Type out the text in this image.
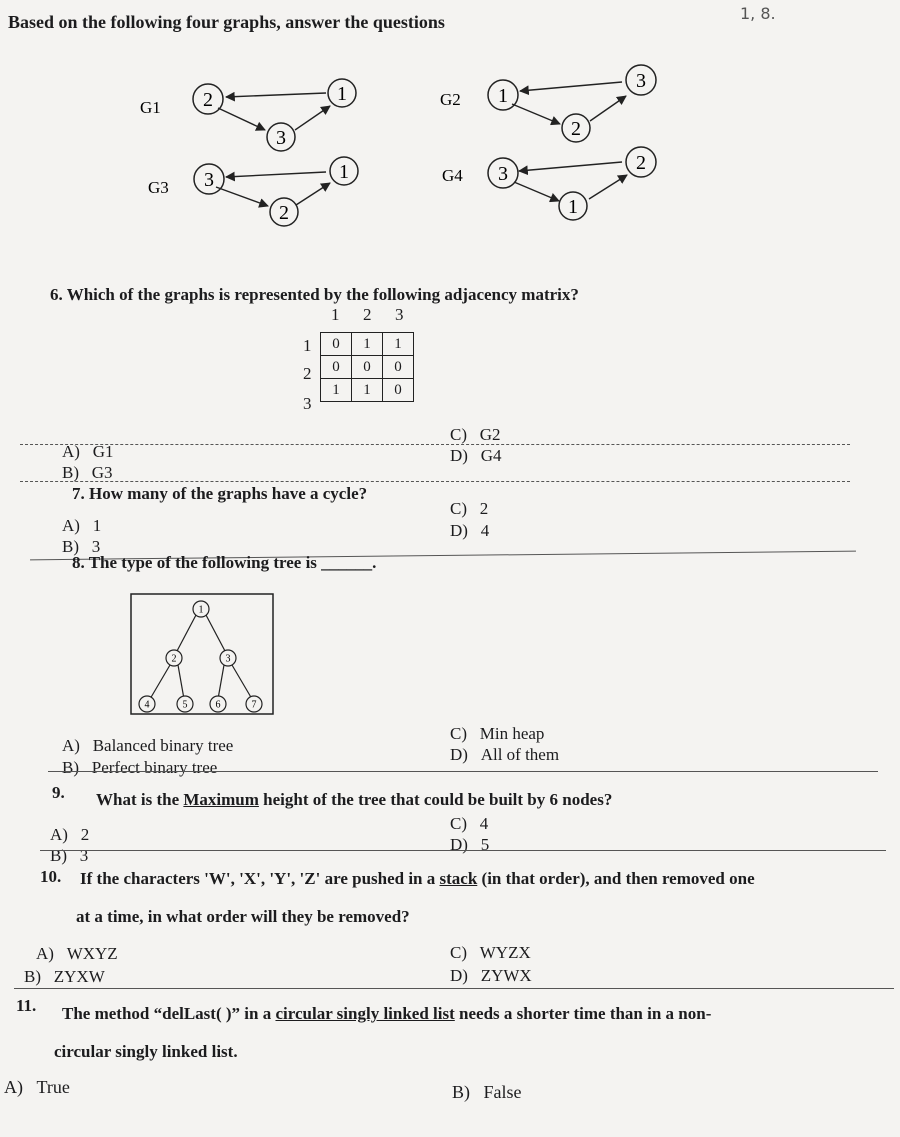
Based on the following four graphs, answer the questions	1, 8.
G1 2
3
1
G3 3
2
1
G2 1
2
3
G4 3
1
2
6. Which of the graphs is represented by the following adjacency matrix?
1 2 3
1
2
3
0	1	1
0	0	0
1	1	0
A) G1
B) G3
C) G2
D) G4
7. How many of the graphs have a cycle?
A) 1
B) 3
C) 2
D) 4
8. The type of the following tree is ______.
1
2	3
4	5	6	7
A) Balanced binary tree
B) Perfect binary tree
C) Min heap
D) All of them
9. What is the Maximum height of the tree that could be built by 6 nodes?
A) 2
B) 3
C) 4
D) 5
10. If the characters 'W', 'X', 'Y', 'Z' are pushed in a stack (in that order), and then removed one
at a time, in what order will they be removed?
A) WXYZ
B) ZYXW
C) WYZX
D) ZYWX
11. The method “delLast( )” in a circular singly linked list needs a shorter time than in a non-
circular singly linked list.
A) True	B) False
